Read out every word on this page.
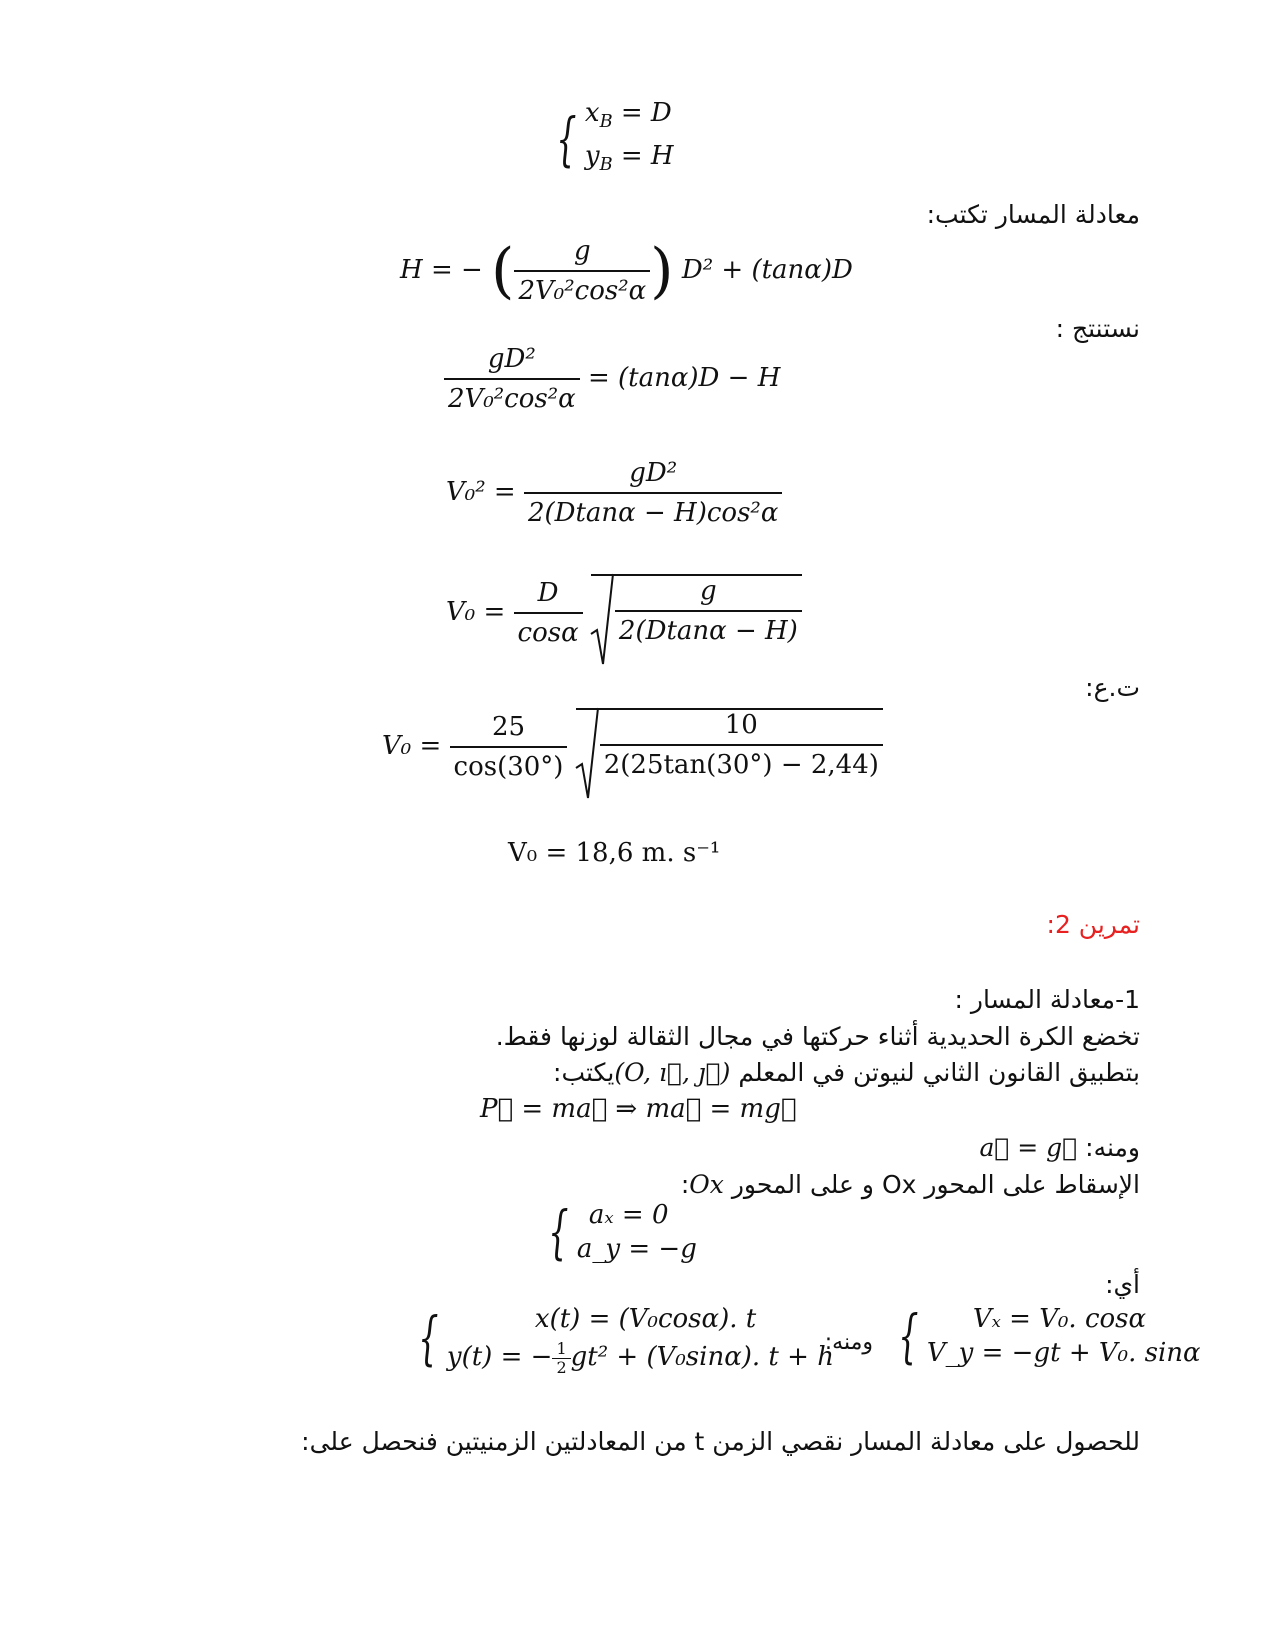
{ $x_B = D$
$y_B = H$
معادلة المسار تكتب:
H = − ( $\frac{g}{\text{2V₀²cos²α}}$ ) D² + (tanα)D
نستنتج :
$\frac{\text{gD²}}{\text{2V₀²cos²α}} = (\tan\alpha)D - H$
$V_0^2 = \frac{\text{gD²}}{\text{2(Dtanα − H)cos²α}}$
$V_0 = \frac{D}{\cos\alpha}$
$\frac{g}{2(Dtan\alpha - H)}$
ت.ع:
$V_0 = \frac{25}{\cos(30^\circ)}$
$\frac{10}{2(25\tan(30^\circ) - 2,44)}$
V₀ = 18,6 m. s⁻¹
تمرين 2:
1-معادلة المسار :
تخضع الكرة الحديدية أثناء حركتها في مجال الثقالة لوزنها فقط.
بتطبيق القانون الثاني لنيوتن في المعلم (O, ı⃗, ȷ⃗)يكتب:
P⃗ = ma⃗ ⇒ ma⃗ = mg⃗
ومنه: a⃗ = g⃗
الإسقاط على المحور Ox و على المحور Ox:
{ aₓ = 0
a_y = −g
أي:
{	x(t) = (V₀cosα). t
y(t) = − $\frac{1}{2} gt^2 + (V_0\sin\alpha)$. t + h
ومنه: {	Vₓ = V₀. cosα
V_y = −gt + V₀. sinα
للحصول على معادلة المسار نقصي الزمن t من المعادلتين الزمنيتين فنحصل على:
